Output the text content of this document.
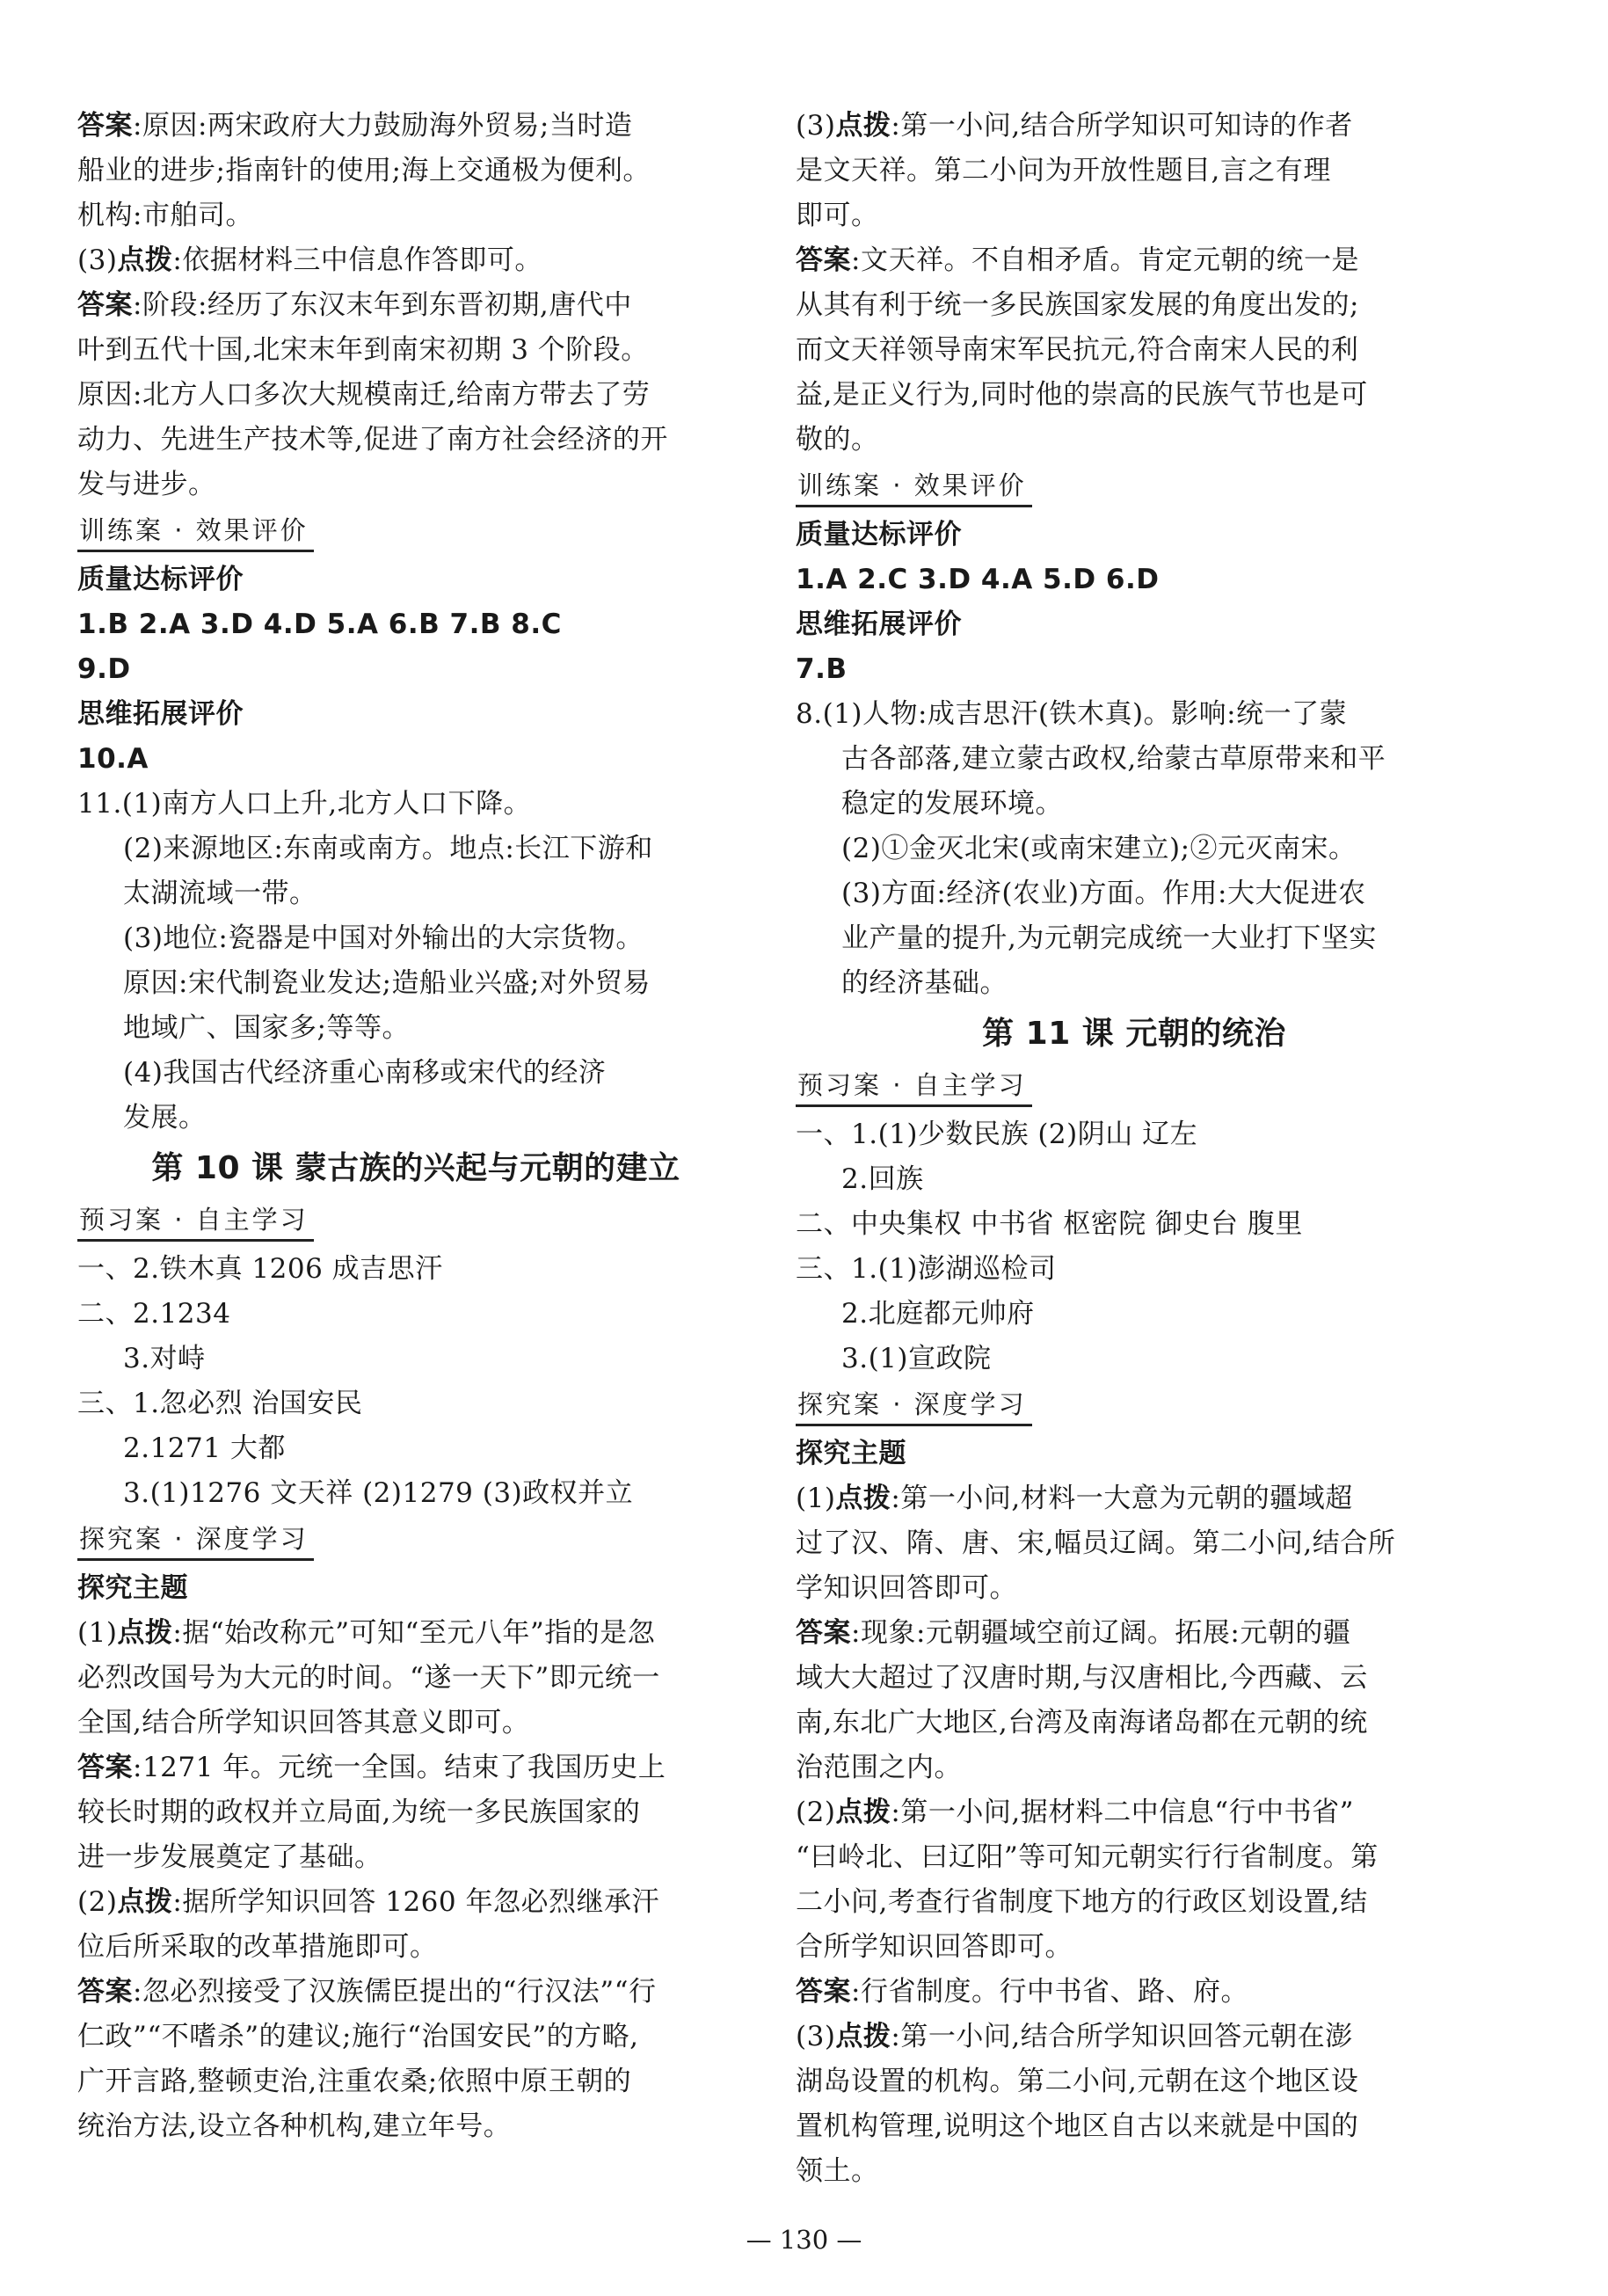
答案:原因:两宋政府大力鼓励海外贸易;当时造
船业的进步;指南针的使用;海上交通极为便利。
机构:市舶司。
(3)点拨:依据材料三中信息作答即可。
答案:阶段:经历了东汉末年到东晋初期,唐代中
叶到五代十国,北宋末年到南宋初期 3 个阶段。
原因:北方人口多次大规模南迁,给南方带去了劳
动力、先进生产技术等,促进了南方社会经济的开
发与进步。
训练案 · 效果评价
质量达标评价
1.B 2.A 3.D 4.D 5.A 6.B 7.B 8.C
9.D
思维拓展评价
10.A
11.(1)南方人口上升,北方人口下降。
(2)来源地区:东南或南方。地点:长江下游和
太湖流域一带。
(3)地位:瓷器是中国对外输出的大宗货物。
原因:宋代制瓷业发达;造船业兴盛;对外贸易
地域广、国家多;等等。
(4)我国古代经济重心南移或宋代的经济
发展。
第 10 课 蒙古族的兴起与元朝的建立
预习案 · 自主学习
一、2.铁木真 1206 成吉思汗
二、2.1234
3.对峙
三、1.忽必烈 治国安民
2.1271 大都
3.(1)1276 文天祥 (2)1279 (3)政权并立
探究案 · 深度学习
探究主题
(1)点拨:据“始改称元”可知“至元八年”指的是忽
必烈改国号为大元的时间。“遂一天下”即元统一
全国,结合所学知识回答其意义即可。
答案:1271 年。元统一全国。结束了我国历史上
较长时期的政权并立局面,为统一多民族国家的
进一步发展奠定了基础。
(2)点拨:据所学知识回答 1260 年忽必烈继承汗
位后所采取的改革措施即可。
答案:忽必烈接受了汉族儒臣提出的“行汉法”“行
仁政”“不嗜杀”的建议;施行“治国安民”的方略,
广开言路,整顿吏治,注重农桑;依照中原王朝的
统治方法,设立各种机构,建立年号。
(3)点拨:第一小问,结合所学知识可知诗的作者
是文天祥。第二小问为开放性题目,言之有理
即可。
答案:文天祥。不自相矛盾。肯定元朝的统一是
从其有利于统一多民族国家发展的角度出发的;
而文天祥领导南宋军民抗元,符合南宋人民的利
益,是正义行为,同时他的崇高的民族气节也是可
敬的。
训练案 · 效果评价
质量达标评价
1.A 2.C 3.D 4.A 5.D 6.D
思维拓展评价
7.B
8.(1)人物:成吉思汗(铁木真)。影响:统一了蒙
古各部落,建立蒙古政权,给蒙古草原带来和平
稳定的发展环境。
(2)①金灭北宋(或南宋建立);②元灭南宋。
(3)方面:经济(农业)方面。作用:大大促进农
业产量的提升,为元朝完成统一大业打下坚实
的经济基础。
第 11 课 元朝的统治
预习案 · 自主学习
一、1.(1)少数民族 (2)阴山 辽左
2.回族
二、中央集权 中书省 枢密院 御史台 腹里
三、1.(1)澎湖巡检司
2.北庭都元帅府
3.(1)宣政院
探究案 · 深度学习
探究主题
(1)点拨:第一小问,材料一大意为元朝的疆域超
过了汉、隋、唐、宋,幅员辽阔。第二小问,结合所
学知识回答即可。
答案:现象:元朝疆域空前辽阔。拓展:元朝的疆
域大大超过了汉唐时期,与汉唐相比,今西藏、云
南,东北广大地区,台湾及南海诸岛都在元朝的统
治范围之内。
(2)点拨:第一小问,据材料二中信息“行中书省”
“曰岭北、曰辽阳”等可知元朝实行行省制度。第
二小问,考查行省制度下地方的行政区划设置,结
合所学知识回答即可。
答案:行省制度。行中书省、路、府。
(3)点拨:第一小问,结合所学知识回答元朝在澎
湖岛设置的机构。第二小问,元朝在这个地区设
置机构管理,说明这个地区自古以来就是中国的
领土。
— 130 —
